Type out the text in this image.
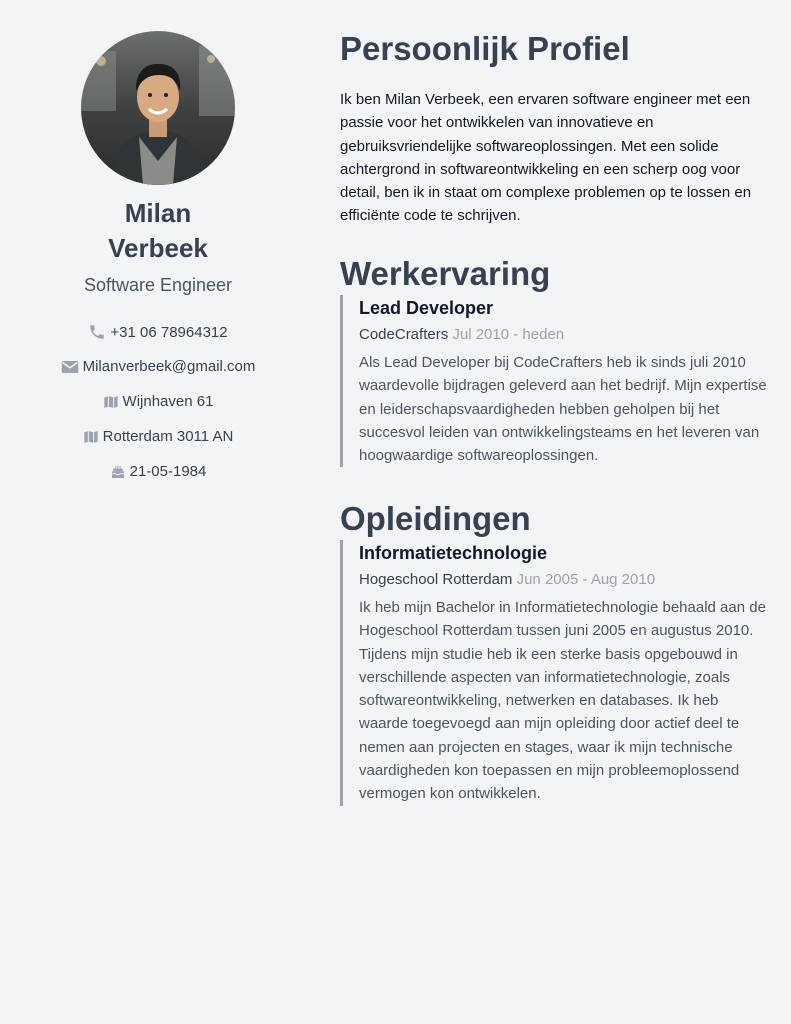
Milan
Verbeek
Software Engineer
+31 06 78964312
Milanverbeek@gmail.com
Wijnhaven 61
Rotterdam 3011 AN
21-05-1984
Persoonlijk Profiel
Ik ben Milan Verbeek, een ervaren software engineer met een passie voor het ontwikkelen van innovatieve en gebruiksvriendelijke softwareoplossingen. Met een solide achtergrond in softwareontwikkeling en een scherp oog voor detail, ben ik in staat om complexe problemen op te lossen en efficiënte code te schrijven.
Werkervaring
Lead Developer
CodeCrafters Jul 2010 - heden
Als Lead Developer bij CodeCrafters heb ik sinds juli 2010 waardevolle bijdragen geleverd aan het bedrijf. Mijn expertise en leiderschapsvaardigheden hebben geholpen bij het succesvol leiden van ontwikkelingsteams en het leveren van hoogwaardige softwareoplossingen.
Opleidingen
Informatietechnologie
Hogeschool Rotterdam Jun 2005 - Aug 2010
Ik heb mijn Bachelor in Informatietechnologie behaald aan de Hogeschool Rotterdam tussen juni 2005 en augustus 2010. Tijdens mijn studie heb ik een sterke basis opgebouwd in verschillende aspecten van informatietechnologie, zoals softwareontwikkeling, netwerken en databases. Ik heb waarde toegevoegd aan mijn opleiding door actief deel te nemen aan projecten en stages, waar ik mijn technische vaardigheden kon toepassen en mijn probleemoplossend vermogen kon ontwikkelen.
